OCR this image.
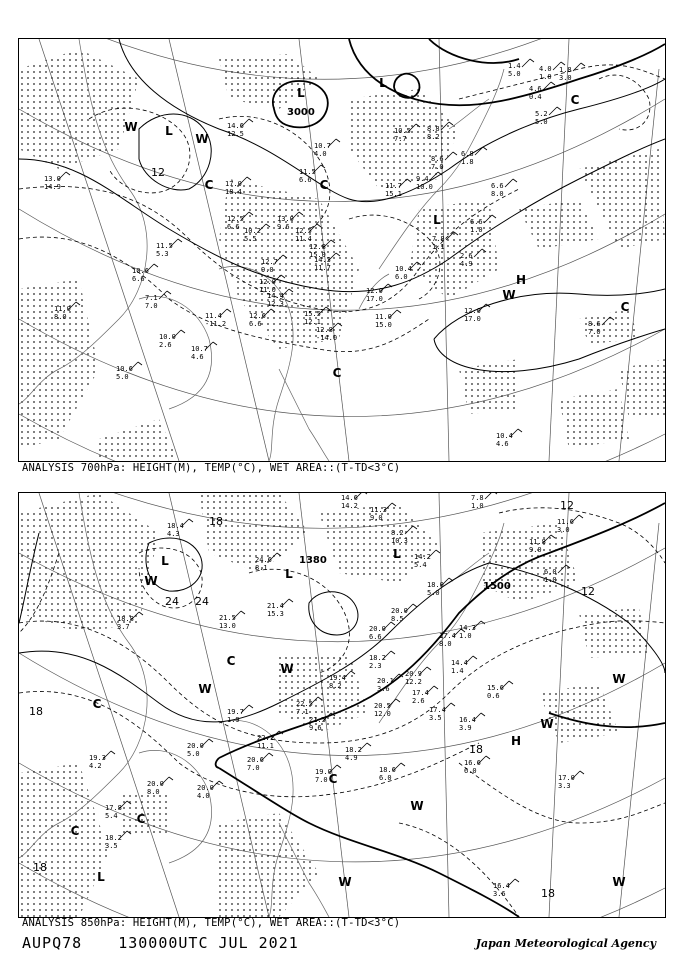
L
L
L
L
H
C
C	C
C
C
W
W
W
3000
12
12.0
17.0
8.6
7.0
10.4
4.6
11.0
15.0
12.0
17.0
10.4
6.0
7.8
1.1
2.6
4.9
6.6
1.0
6.6
8.0
9.4
10.0
11.7
15.1
8.6
7.0
10.5
7.7
8.8
8.2
6.8
1.8
4.6
0.4
1.4
5.0
4.0
1.0
1.8
3.0
5.2
5.0
10.7
4.0
11.5
6.6
14.6
12.5
17.0
18.4
12.5
6.6 10.2
5.5
13.0
9.6 12.5
11.4
12.8
15.0
14.3
11.7
12.7
9.0
12.0
11.0
14.4
12.3
15.5
12.1
12.6
6.6
12.8
-14.0
11.4
-11.2
11.5
5.3
10.6
6.6
7.1
7.0
10.0
2.6	10.7
4.6
10.6
5.0
13.0
14.9
11.0
8.0
ANALYSIS 700hPa: HEIGHT(M), TEMP(°C), WET AREA::(T-TD<3°C)
L
L
L
L
H
C
C
C
C
C
W
W
W
W
W
W
W
W
1500
1380
18
24 24
18
18
12
12
18
18
17.0
3.3
16.6
6.0
16.4
3.9
16.4
3.6
18.2
4.9
18.6
6.0
19.0
7.0
17.4
3.5
17.4
2.6
14.4
1.4
15.6
0.6
18.0
5.0
17.4
8.0
14.3
1.0
20.0
8.5
20.0
6.6
18.2
2.3
20.1
3.6
20.9
12.2
20.5
12.0
21.5
9.6
22.5
7.1
19.4
8.2
22.1
11.1
20.6
7.0
19.7
1.9
20.0
5.0
20.0
4.0
20.0
8.0
18.2
3.5
17.8
5.4
19.3
4.2
21.5
13.0
24.6
8.1
21.4
15.3
18.4
4.3
18.8
3.7
14.6
14.2 11.3
9.0
8.2
10.3
7.8
1.0
11.8
9.0
6.0
1.0
11.6
3.0
14.2
5.4
ANALYSIS 850hPa: HEIGHT(M), TEMP(°C), WET AREA::(T-TD<3°C)
AUPQ78 130000UTC JUL 2021	Japan Meteorological Agency
